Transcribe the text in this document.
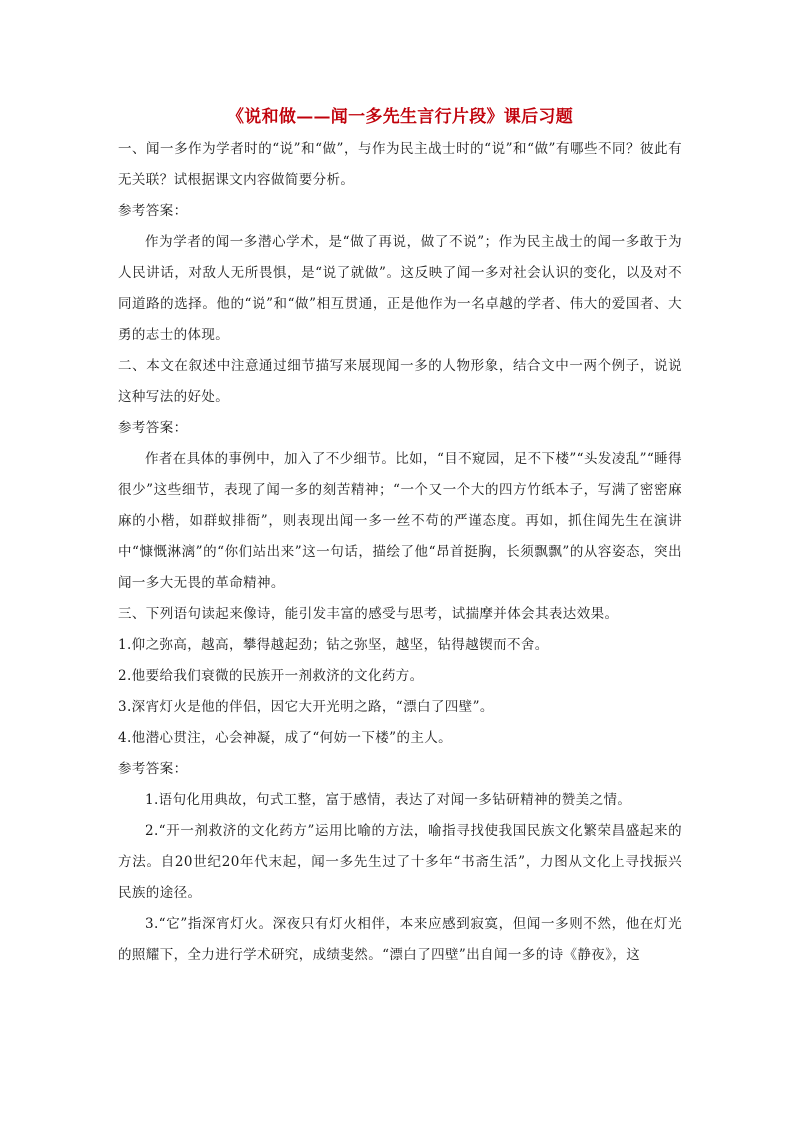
《说和做——闻一多先生言行片段》课后习题

一、闻一多作为学者时的“说”和“做”，与作为民主战士时的“说”和“做”有哪些不同？彼此有无关联？试根据课文内容做简要分析。

参考答案：

作为学者的闻一多潜心学术，是“做了再说，做了不说”；作为民主战士的闻一多敢于为人民讲话，对敌人无所畏惧，是“说了就做”。这反映了闻一多对社会认识的变化，以及对不同道路的选择。他的“说”和“做”相互贯通，正是他作为一名卓越的学者、伟大的爱国者、大勇的志士的体现。

二、本文在叙述中注意通过细节描写来展现闻一多的人物形象，结合文中一两个例子，说说这种写法的好处。

参考答案：

作者在具体的事例中，加入了不少细节。比如，“目不窥园，足不下楼”“头发凌乱”“睡得很少”这些细节，表现了闻一多的刻苦精神；“一个又一个大的四方竹纸本子，写满了密密麻麻的小楷，如群蚁排衙”，则表现出闻一多一丝不苟的严谨态度。再如，抓住闻先生在演讲中“慷慨淋漓”的“你们站出来”这一句话，描绘了他“昂首挺胸，长须飘飘”的从容姿态，突出闻一多大无畏的革命精神。

三、下列语句读起来像诗，能引发丰富的感受与思考，试揣摩并体会其表达效果。

1.仰之弥高，越高，攀得越起劲；钻之弥坚，越坚，钻得越锲而不舍。

2.他要给我们衰微的民族开一剂救济的文化药方。

3.深宵灯火是他的伴侣，因它大开光明之路，“漂白了四壁”。

4.他潜心贯注，心会神凝，成了“何妨一下楼”的主人。

参考答案：

1.语句化用典故，句式工整，富于感情，表达了对闻一多钻研精神的赞美之情。

2.“开一剂救济的文化药方”运用比喻的方法，喻指寻找使我国民族文化繁荣昌盛起来的方法。自20世纪20年代末起，闻一多先生过了十多年“书斋生活”，力图从文化上寻找振兴民族的途径。

3.“它”指深宵灯火。深夜只有灯火相伴，本来应感到寂寞，但闻一多则不然，他在灯光的照耀下，全力进行学术研究，成绩斐然。“漂白了四壁”出自闻一多的诗《静夜》，这
